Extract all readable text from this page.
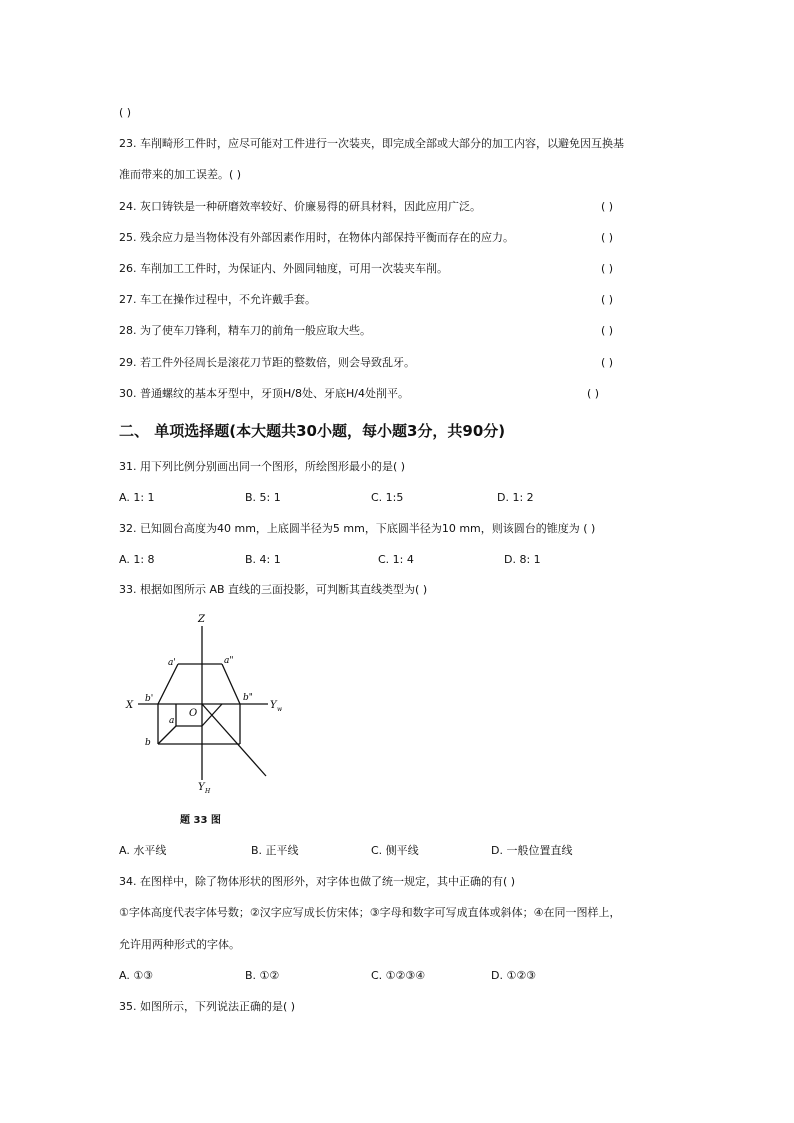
( )
23. 车削畸形工件时，应尽可能对工件进行一次装夹，即完成全部或大部分的加工内容，以避免因互换基
准而带来的加工误差。( )
24. 灰口铸铁是一种研磨效率较好、价廉易得的研具材料，因此应用广泛。	( )
25. 残余应力是当物体没有外部因素作用时，在物体内部保持平衡而存在的应力。	( )
26. 车削加工工件时，为保证内、外圆同轴度，可用一次装夹车削。	( )
27. 车工在操作过程中，不允许戴手套。	( )
28. 为了使车刀锋利，精车刀的前角一般应取大些。	( )
29. 若工件外径周长是滚花刀节距的整数倍，则会导致乱牙。	( )
30. 普通螺纹的基本牙型中，牙顶H/8处、牙底H/4处削平。	( )
二、 单项选择题(本大题共30小题，每小题3分，共90分)
31. 用下列比例分别画出同一个图形，所绘图形最小的是( )
A. 1: 1	B. 5: 1	C. 1:5	D. 1: 2
32. 已知圆台高度为40 mm，上底圆半径为5 mm，下底圆半径为10 mm，则该圆台的锥度为 ( )
A. 1: 8	B. 4: 1	C. 1: 4	D. 8: 1
33. 根据如图所示 AB 直线的三面投影，可判断其直线类型为( )
Z
X	Y w
Y H
O
a'	a"
b'	b"
a
b
题 33 图
A. 水平线	B. 正平线	C. 侧平线	D. 一般位置直线
34. 在图样中，除了物体形状的图形外，对字体也做了统一规定，其中正确的有( )
①字体高度代表字体号数；②汉字应写成长仿宋体；③字母和数字可写成直体或斜体；④在同一图样上，
允许用两种形式的字体。
A. ①③	B. ①②	C. ①②③④	D. ①②③
35. 如图所示，下列说法正确的是( )
